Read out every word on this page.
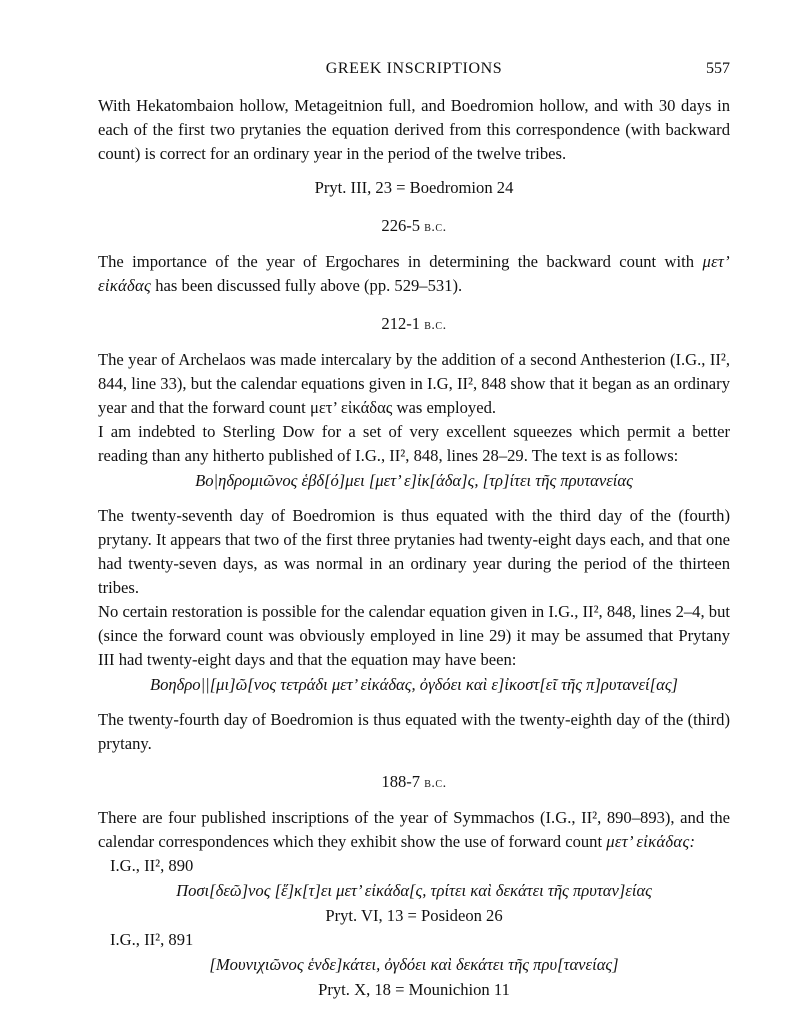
GREEK INSCRIPTIONS	557

With Hekatombaion hollow, Metageitnion full, and Boedromion hollow, and with 30 days in each of the first two prytanies the equation derived from this correspondence (with backward count) is correct for an ordinary year in the period of the twelve tribes.

Pryt. III, 23 = Boedromion 24

226-5 b.c.

The importance of the year of Ergochares in determining the backward count with μετ’ εἰκάδας has been discussed fully above (pp. 529–531).

212-1 b.c.

The year of Archelaos was made intercalary by the addition of a second Anthesterion (I.G., II², 844, line 33), but the calendar equations given in I.G, II², 848 show that it began as an ordinary year and that the forward count μετ’ εἰκάδας was employed.

I am indebted to Sterling Dow for a set of very excellent squeezes which permit a better reading than any hitherto published of I.G., II², 848, lines 28–29. The text is as follows:

Βο|ηδρομιῶνος ἑβδ[ό]μει [μετ’ ε]ἰκ[άδα]ς, [τρ]ίτει τῆς πρυτανείας

The twenty-seventh day of Boedromion is thus equated with the third day of the (fourth) prytany. It appears that two of the first three prytanies had twenty-eight days each, and that one had twenty-seven days, as was normal in an ordinary year during the period of the thirteen tribes.

No certain restoration is possible for the calendar equation given in I.G., II², 848, lines 2–4, but (since the forward count was obviously employed in line 29) it may be assumed that Prytany III had twenty-eight days and that the equation may have been:

Βοηδρο||[μι]ῶ[νος τετράδι μετ’ εἰκάδας, ὀγδόει καὶ ε]ἰκοστ[εῖ τῆς π]ρυτανεί[ας]

The twenty-fourth day of Boedromion is thus equated with the twenty-eighth day of the (third) prytany.

188-7 b.c.

There are four published inscriptions of the year of Symmachos (I.G., II², 890–893), and the calendar correspondences which they exhibit show the use of forward count μετ’ εἰκάδας:

I.G., II², 890

Ποσι[δεῶ]νος [ἕ]κ[τ]ει μετ’ εἰκάδα[ς, τρίτει καὶ δεκάτει τῆς πρυταν]είας

Pryt. VI, 13 = Posideon 26

I.G., II², 891

[Μουνιχιῶνος ἑνδε]κάτει, ὀγδόει καὶ δεκάτει τῆς πρυ[τανείας]

Pryt. X, 18 = Mounichion 11
